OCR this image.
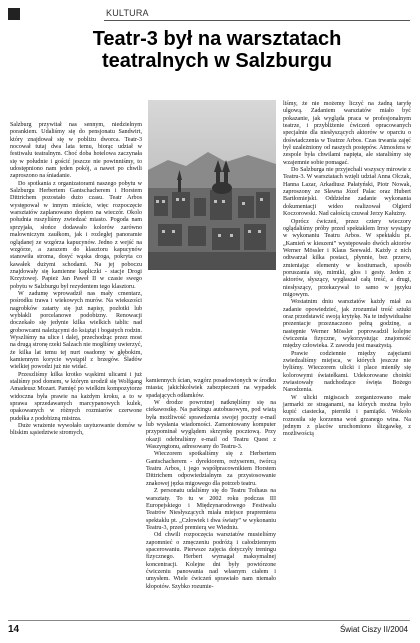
KULTURA
Teatr-3 był na warsztatach teatralnych w Salzburgu

Salzburg przywitał nas sennym, niedzielnym porankiem. Udaliśmy się do pensjonatu Sandwirt, który znajdował się w pobliżu dworca. Teatr-3 nocował tutaj dwa lata temu, biorąc udział w festiwalu teatralnym. Choć doba hotelowa zaczynała się w południe i gościć jeszcze nie powinniśmy, to udostępniono nam jeden pokój, a nawet po chwili zaproszono na śniadanie.

Do spotkania z organizatorami naszego pobytu w Salzburgu Herbertem Gantschacherem i Horstem Dittrichem pozostało dużo czasu. Teatr Arbos występował w innym mieście, więc rozpoczęcie warsztatów zaplanowano dopiero na wieczór. Okolo południa ruszyliśmy zwiedzać miasto. Pogoda nam sprzyjała, słońce dodawało kolorów zarówno malowniczym zaułkom, jak i rozległej panoramie oglądanej ze wzgórza kapucynów. Jedno z wejść na wzgórze, a zarazem do klasztoru kapucynów stanowiła stroma, dosyć wąska droga, pokryta co kawałek dużymi schodami. Na jej poboczu znajdowały się kamienne kapliczki - stacje Drogi Krzyżowej. Papież Jan Paweł II w czasie swego pobytu w Salzburgu był rezydentem tego klasztoru.

W zadumę wprowadził nas mały cmentarz, pośrodku trawa i wiekowych murów. Na wiekszości nagrobków zatarty się już napisy, pozłotki lub wybłakli porcelanowe podobizny. Renowacji doczekało się jedynie kilka wielkich tablic nad grobowcami należącymi do książąt i bogatych rodzin. Wyszliśmy na ulice i dalej, przechodząc przez most na drugą stronę rzeki Salzach nie mogliśmy uwierzyć, że kilka lat temu tej nurt osadomy w głębokim, kamiennym korycie wystąpił z brzegów. Śladów wielkiej powodzi już nie widać.

Przeszliśmy kilka krotko wąskimi ulicami i już staliśmy pod domem, w którym urodził się Wolfgang Amadeusz Mozart. Pamięć po wielkim kompozytorze widoczna była prawie na każdym kroku, a to w sprawa sprzedawanych marcypanowych kulek, opakowanych w różnych rozmiarów czerwone pudełka z podobizną mistrza.

Duże wrażenie wywołało usytuowanie domów w bliskim sąsiedztwie stromych,

kamiennych ścian, wzgórz posadowionych w środku miasta; jakichkolwiek zabezpieczeń na wypadek spadających odłamków.

W drodze powrotnej natknęliśmy się na ciekawostkę. Na parkingu autobusowym, pod wiatą była możliwość sprawdzenia swojej poczty e-mail lub wysłania wiadomości. Zamontowany komputer przypominał wyglądem skrzynkę pocztową. Przy okazji odebraliśmy e-mail od Teatru Quest z Waszyngtonu, adresowany do Teatru-3.

Wieczorem spotkaliśmy się z Herbertem Gantschacherem - dyrektorem, reżyserem, twórcą Teatru Arbos, i jego współpracownikiem Horstem Dittrichem odpowiedzialnym za przystosowanie znakowej jęzka migowego dla potrzeb teatru.

Z personatu udaliśmy się do Teatru Toihaus na warsztaty. To tu w 2002 roku podczas III Europejskiego i Międzynarodowego Festiwalu Teatrów Niesłyszących miała miejsce prapremiera spektaklu pt. „Człowiek i dwa światy” w wykonaniu Teatru-3, przed premierą we Wiedniu.

Od chwili rozpoczęcia warsztatów musieliśmy zapomnieć o zmęczeniu podróżą i całodziennym spacerowaniu. Pierwsze zajęcia dotyczyły treningu fizycznego. Herbert wymagał maksymalnej koncentracji. Kolejne dni były powtórzone ćwiczeniu panowania nad własnym ciałem i umysłem. Wiele ćwiczeń sprawiało nam niemało kłopotów. Szybko rozumie-

liśmy, że nie możemy liczyć na żadną taryfę ulgową. Zadaniem warsztatów miało być pokazanie, jak wygląda praca w profesjonalnym teatrze, i przybliżenie ćwiczeń opracowanych specjalnie dla niesłyszących aktorów w oparciu o doświadczenia w Teatrze Arbos. Czas trwania zajęć był uzależniony od naszych postępów. Atmosfera w zespole była chwilami napięta, ale staraliśmy się wzajemnie sobie pomagać.

Do Salzburga nie przyjechali wszyscy mirowie z Teatru-3. W warsztatach wzięli udział Anna Olczak, Hanna Lazar, Arkadiusz Pałatyński, Piotr Nowak, zaproszony ze Sławna Józef Palac oraz Hubert Bartłomiejski. Oddzielne zadanie wykonania dokumentacji wideo realizował Olgierd Koczorowski. Nad całością czuwał Jerzy Kałużny.

Oprócz ćwiczeń, przez cztery wieczory oglądaliśmy próby przed spektaklem Irrsy wystąpy w wykonaniu Teatru Arbos. W spektaklu pt. „Kamień w kieszeni” występowało dwóch aktorów Werner Mössler i Klaus Seewald. Każdy z nich odtwarzał kilka postaci, płynnie, bez przerw, zmieniając elementy w kostiumach, sposób poruszania się, mimiki, głos i gesty. Jeden z aktorów, słyszący, wygłaszał całą treść, a drugi, niesłyszący, przekazywał to samo w języku migowym.

Wostatnim dniu warsztatów każdy miał za zadanie opowiedzieć, jak zrozumiał treść sztuki oraz przedstawić swoją krytykę. Na te indywidualne prezentacje przeznaczono pełną godzinę, a następnie Werner Mössler poprowadził kolejne ćwiczenia fizyczne, wykorzystując znajomość między człowieka. Z zawodu jest masażystą.

Prawie codziennie między zajęciami zwiedzaliśmy miejsca, w których jeszcze nie byliśmy. Wieczorem ulicki i place mieniły się kolorowymi światełkami. Udekorowane choinki zwiastowały nadchodzące święta Bożego Narodzenia.

W ulicki migiscach zorganizowano małe jarmarki ze straganami, na których można było kupić ciastecka, pierniki i pamiątki. Wokoło roznosiła się korzenna woń grzanego wina. Na jednym z placów uruchomiono ślizgawkę, z możliwością

14	Świat Ciszy II/2004
